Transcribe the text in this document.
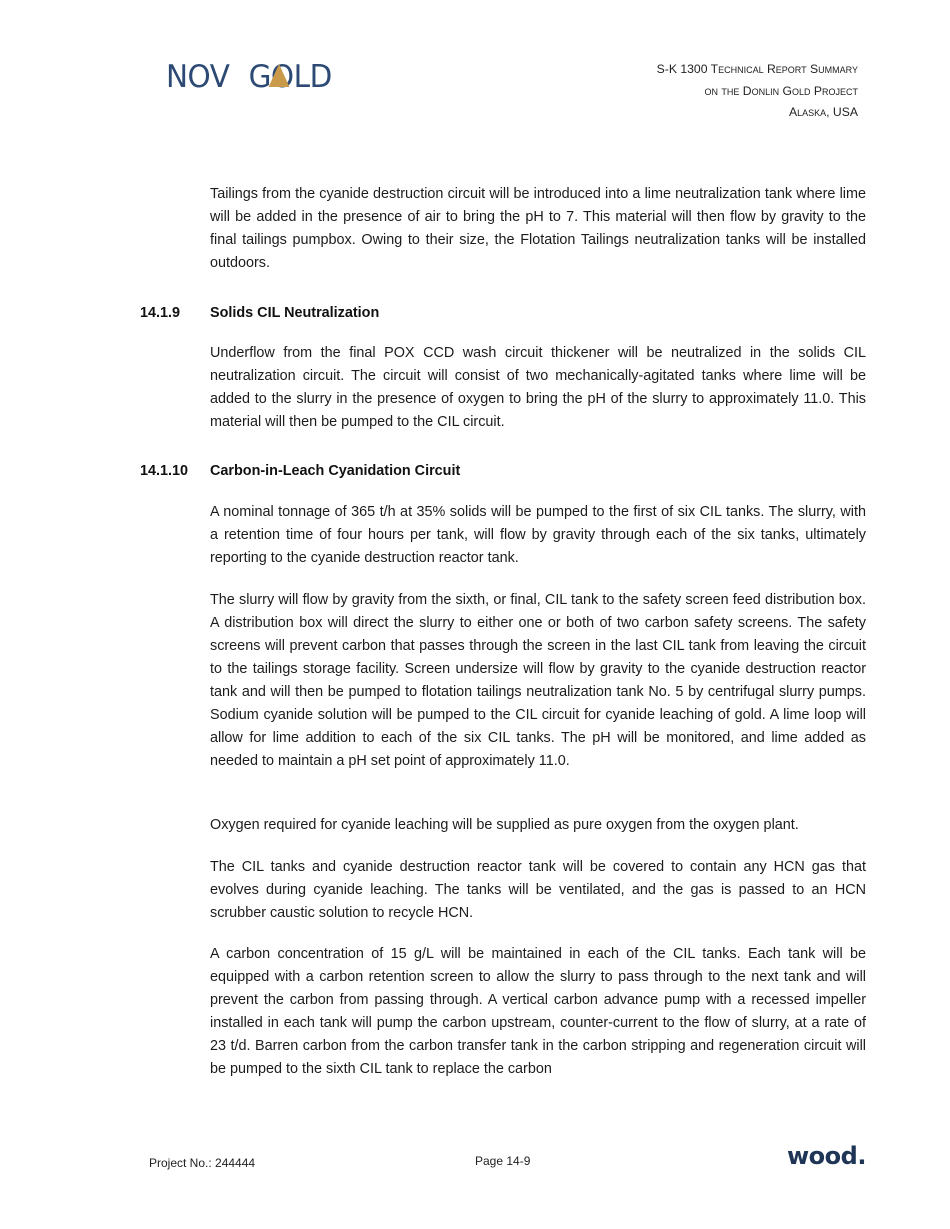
NOV GOLD	S-K 1300 Technical Report Summary
on the Donlin Gold Project
Alaska, USA

Tailings from the cyanide destruction circuit will be introduced into a lime neutralization tank where lime will be added in the presence of air to bring the pH to 7. This material will then flow by gravity to the final tailings pumpbox. Owing to their size, the Flotation Tailings neutralization tanks will be installed outdoors.

14.1.9 Solids CIL Neutralization

Underflow from the final POX CCD wash circuit thickener will be neutralized in the solids CIL neutralization circuit. The circuit will consist of two mechanically-agitated tanks where lime will be added to the slurry in the presence of oxygen to bring the pH of the slurry to approximately 11.0. This material will then be pumped to the CIL circuit.

14.1.10 Carbon-in-Leach Cyanidation Circuit

A nominal tonnage of 365 t/h at 35% solids will be pumped to the first of six CIL tanks. The slurry, with a retention time of four hours per tank, will flow by gravity through each of the six tanks, ultimately reporting to the cyanide destruction reactor tank.

The slurry will flow by gravity from the sixth, or final, CIL tank to the safety screen feed distribution box. A distribution box will direct the slurry to either one or both of two carbon safety screens. The safety screens will prevent carbon that passes through the screen in the last CIL tank from leaving the circuit to the tailings storage facility. Screen undersize will flow by gravity to the cyanide destruction reactor tank and will then be pumped to flotation tailings neutralization tank No. 5 by centrifugal slurry pumps. Sodium cyanide solution will be pumped to the CIL circuit for cyanide leaching of gold. A lime loop will allow for lime addition to each of the six CIL tanks. The pH will be monitored, and lime added as needed to maintain a pH set point of approximately 11.0.

Oxygen required for cyanide leaching will be supplied as pure oxygen from the oxygen plant.

The CIL tanks and cyanide destruction reactor tank will be covered to contain any HCN gas that evolves during cyanide leaching. The tanks will be ventilated, and the gas is passed to an HCN scrubber caustic solution to recycle HCN.

A carbon concentration of 15 g/L will be maintained in each of the CIL tanks. Each tank will be equipped with a carbon retention screen to allow the slurry to pass through to the next tank and will prevent the carbon from passing through. A vertical carbon advance pump with a recessed impeller installed in each tank will pump the carbon upstream, counter-current to the flow of slurry, at a rate of 23 t/d. Barren carbon from the carbon transfer tank in the carbon stripping and regeneration circuit will be pumped to the sixth CIL tank to replace the carbon

Project No.: 244444	Page 14-9	wood.
